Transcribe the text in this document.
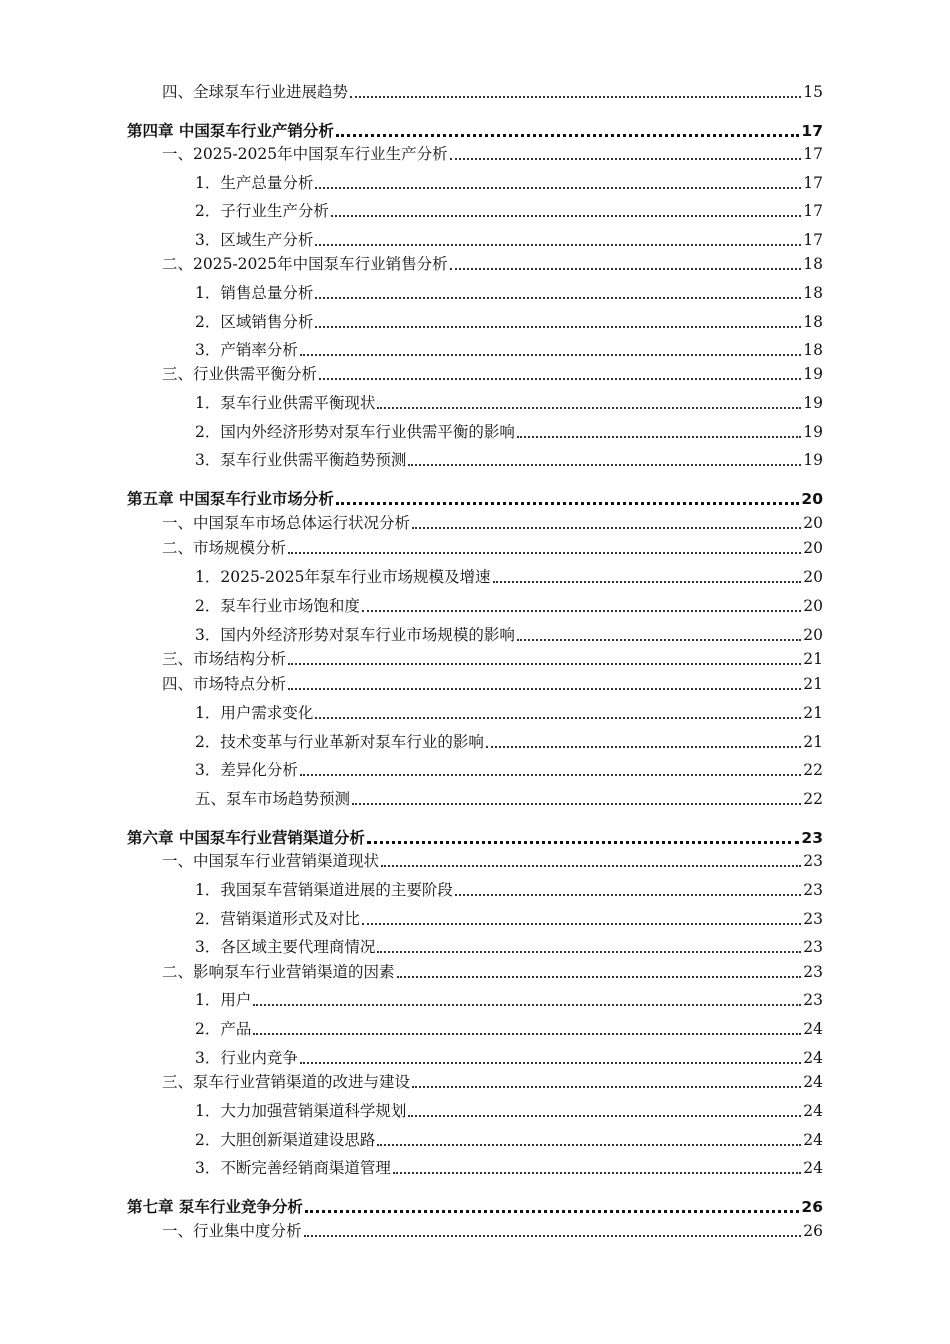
四、全球泵车行业进展趋势	15
第四章 中国泵车行业产销分析	17
一、2025-2025年中国泵车行业生产分析	17
1．生产总量分析	17
2．子行业生产分析	17
3．区域生产分析	17
二、2025-2025年中国泵车行业销售分析	18
1．销售总量分析	18
2．区域销售分析	18
3．产销率分析	18
三、行业供需平衡分析	19
1．泵车行业供需平衡现状	19
2．国内外经济形势对泵车行业供需平衡的影响	19
3．泵车行业供需平衡趋势预测	19
第五章 中国泵车行业市场分析	20
一、中国泵车市场总体运行状况分析	20
二、市场规模分析	20
1．2025-2025年泵车行业市场规模及增速	20
2．泵车行业市场饱和度	20
3．国内外经济形势对泵车行业市场规模的影响	20
三、市场结构分析	21
四、市场特点分析	21
1．用户需求变化	21
2．技术变革与行业革新对泵车行业的影响	21
3．差异化分析	22
五、泵车市场趋势预测	22
第六章 中国泵车行业营销渠道分析	23
一、中国泵车行业营销渠道现状	23
1．我国泵车营销渠道进展的主要阶段	23
2．营销渠道形式及对比	23
3．各区域主要代理商情况	23
二、影响泵车行业营销渠道的因素	23
1．用户	23
2．产品	24
3．行业内竞争	24
三、泵车行业营销渠道的改进与建设	24
1．大力加强营销渠道科学规划	24
2．大胆创新渠道建设思路	24
3．不断完善经销商渠道管理	24
第七章 泵车行业竞争分析	26
一、行业集中度分析	26
